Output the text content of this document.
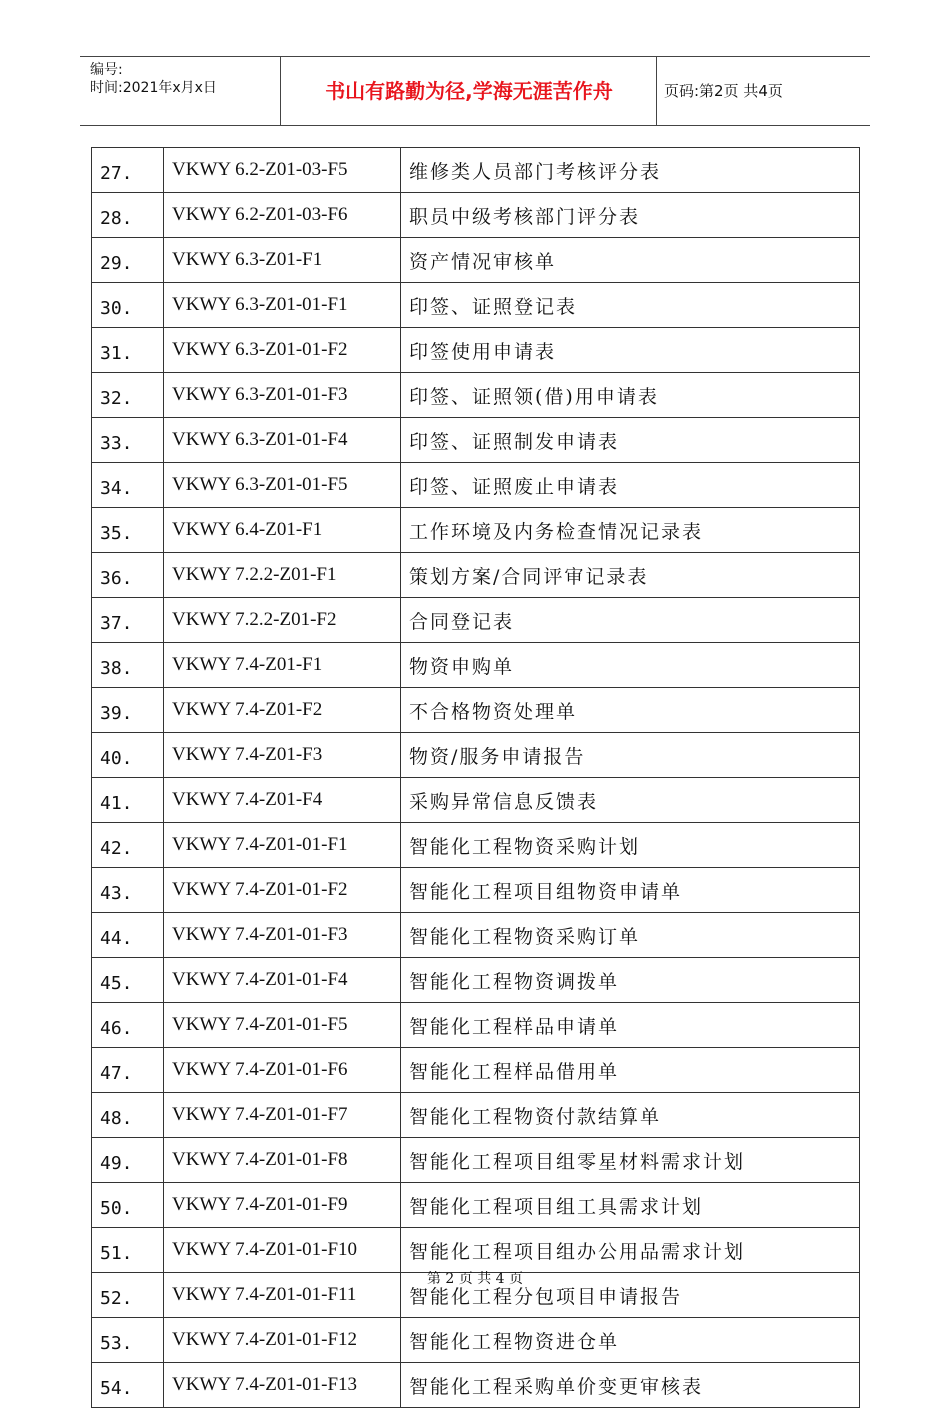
编号:
时间:2021年x月x日	书山有路勤为径,学海无涯苦作舟	页码:第2页 共4页
27.	VKWY 6.2-Z01-03-F5	维修类人员部门考核评分表
28.	VKWY 6.2-Z01-03-F6	职员中级考核部门评分表
29.	VKWY 6.3-Z01-F1	资产情况审核单
30.	VKWY 6.3-Z01-01-F1	印签、证照登记表
31.	VKWY 6.3-Z01-01-F2	印签使用申请表
32.	VKWY 6.3-Z01-01-F3	印签、证照领(借)用申请表
33.	VKWY 6.3-Z01-01-F4	印签、证照制发申请表
34.	VKWY 6.3-Z01-01-F5	印签、证照废止申请表
35.	VKWY 6.4-Z01-F1	工作环境及内务检查情况记录表
36.	VKWY 7.2.2-Z01-F1	策划方案/合同评审记录表
37.	VKWY 7.2.2-Z01-F2	合同登记表
38.	VKWY 7.4-Z01-F1	物资申购单
39.	VKWY 7.4-Z01-F2	不合格物资处理单
40.	VKWY 7.4-Z01-F3	物资/服务申请报告
41.	VKWY 7.4-Z01-F4	采购异常信息反馈表
42.	VKWY 7.4-Z01-01-F1	智能化工程物资采购计划
43.	VKWY 7.4-Z01-01-F2	智能化工程项目组物资申请单
44.	VKWY 7.4-Z01-01-F3	智能化工程物资采购订单
45.	VKWY 7.4-Z01-01-F4	智能化工程物资调拨单
46.	VKWY 7.4-Z01-01-F5	智能化工程样品申请单
47.	VKWY 7.4-Z01-01-F6	智能化工程样品借用单
48.	VKWY 7.4-Z01-01-F7	智能化工程物资付款结算单
49.	VKWY 7.4-Z01-01-F8	智能化工程项目组零星材料需求计划
50.	VKWY 7.4-Z01-01-F9	智能化工程项目组工具需求计划
51.	VKWY 7.4-Z01-01-F10	智能化工程项目组办公用品需求计划
52.	VKWY 7.4-Z01-01-F11	智能化工程分包项目申请报告
53.	VKWY 7.4-Z01-01-F12	智能化工程物资进仓单
54.	VKWY 7.4-Z01-01-F13	智能化工程采购单价变更审核表
第 2 页 共 4 页
